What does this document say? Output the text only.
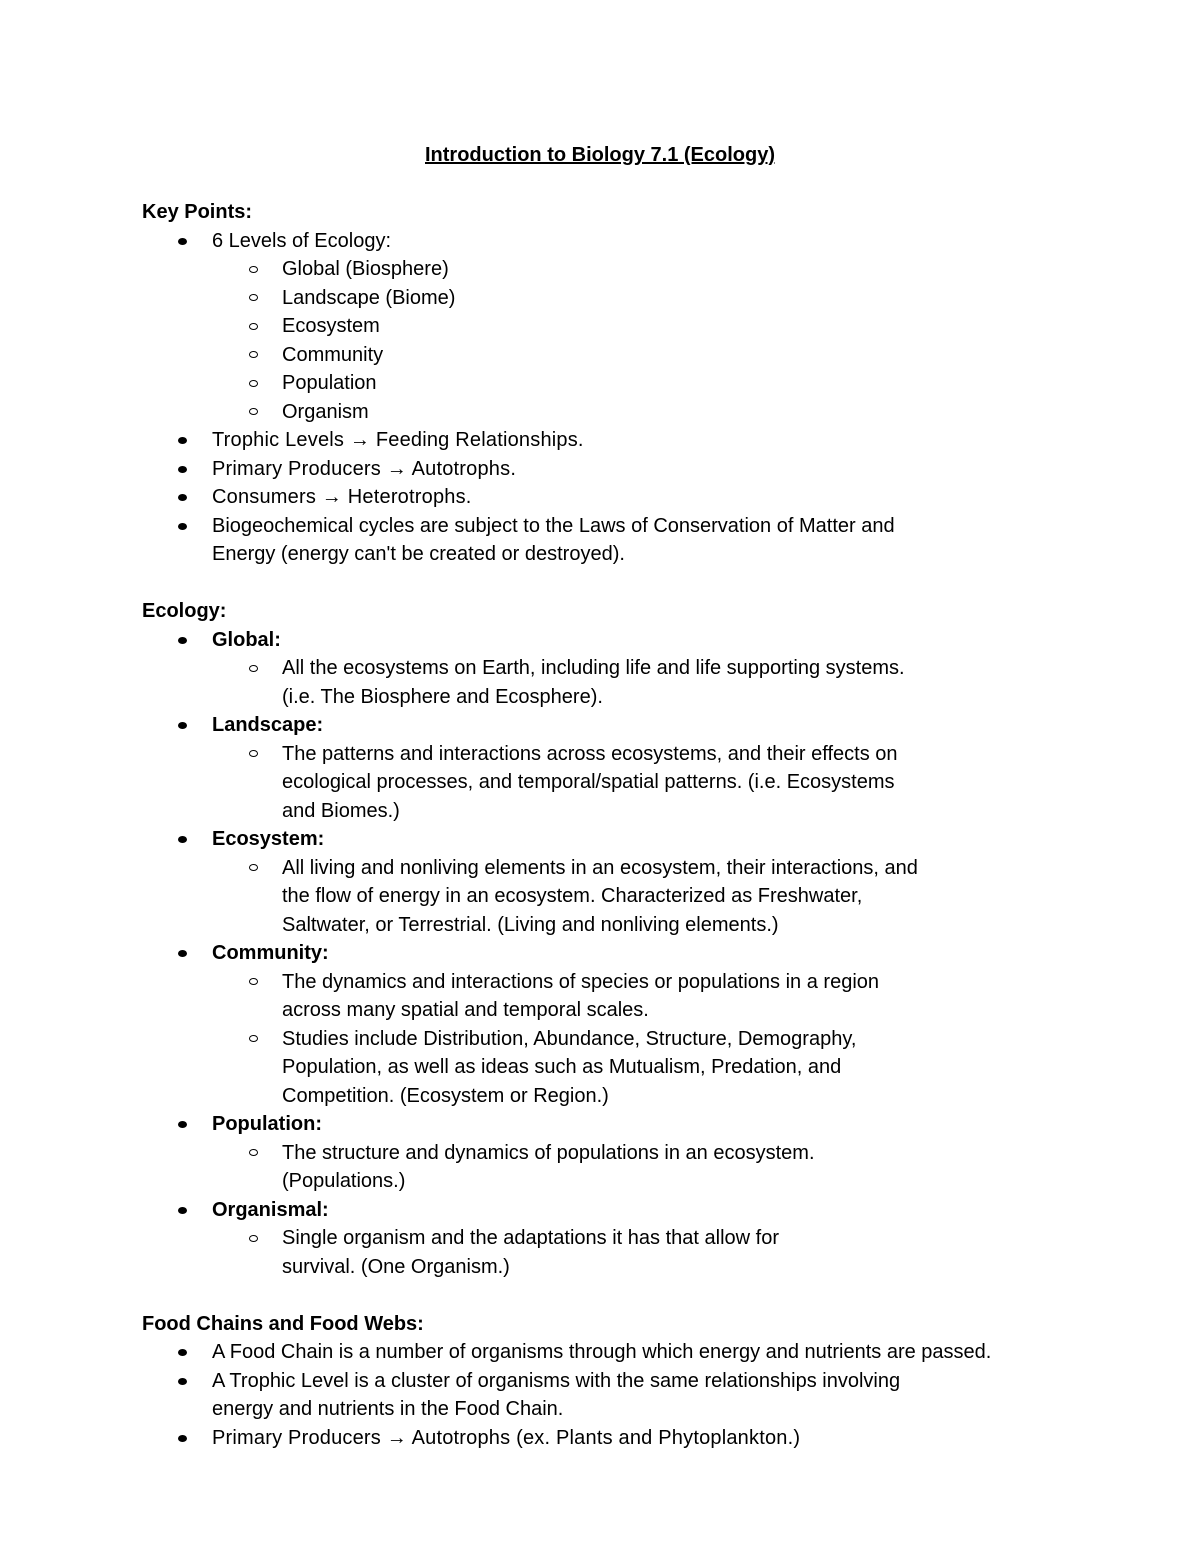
Introduction to Biology 7.1 (Ecology)

Key Points:

6 Levels of Ecology:
Global (Biosphere)
Landscape (Biome)
Ecosystem
Community
Population
Organism
Trophic Levels → Feeding Relationships.
Primary Producers → Autotrophs.
Consumers → Heterotrophs.
Biogeochemical cycles are subject to the Laws of Conservation of Matter and Energy (energy can't be created or destroyed).

Ecology:

Global:
All the ecosystems on Earth, including life and life supporting systems. (i.e. The Biosphere and Ecosphere).
Landscape:
The patterns and interactions across ecosystems, and their effects on ecological processes, and temporal/spatial patterns. (i.e. Ecosystems and Biomes.)
Ecosystem:
All living and nonliving elements in an ecosystem, their interactions, and the flow of energy in an ecosystem. Characterized as Freshwater, Saltwater, or Terrestrial. (Living and nonliving elements.)
Community:
The dynamics and interactions of species or populations in a region across many spatial and temporal scales.
Studies include Distribution, Abundance, Structure, Demography, Population, as well as ideas such as Mutualism, Predation, and Competition. (Ecosystem or Region.)
Population:
The structure and dynamics of populations in an ecosystem. (Populations.)
Organismal:
Single organism and the adaptations it has that allow for survival. (One Organism.)

Food Chains and Food Webs:

A Food Chain is a number of organisms through which energy and nutrients are passed.
A Trophic Level is a cluster of organisms with the same relationships involving energy and nutrients in the Food Chain.
Primary Producers → Autotrophs (ex. Plants and Phytoplankton.)
